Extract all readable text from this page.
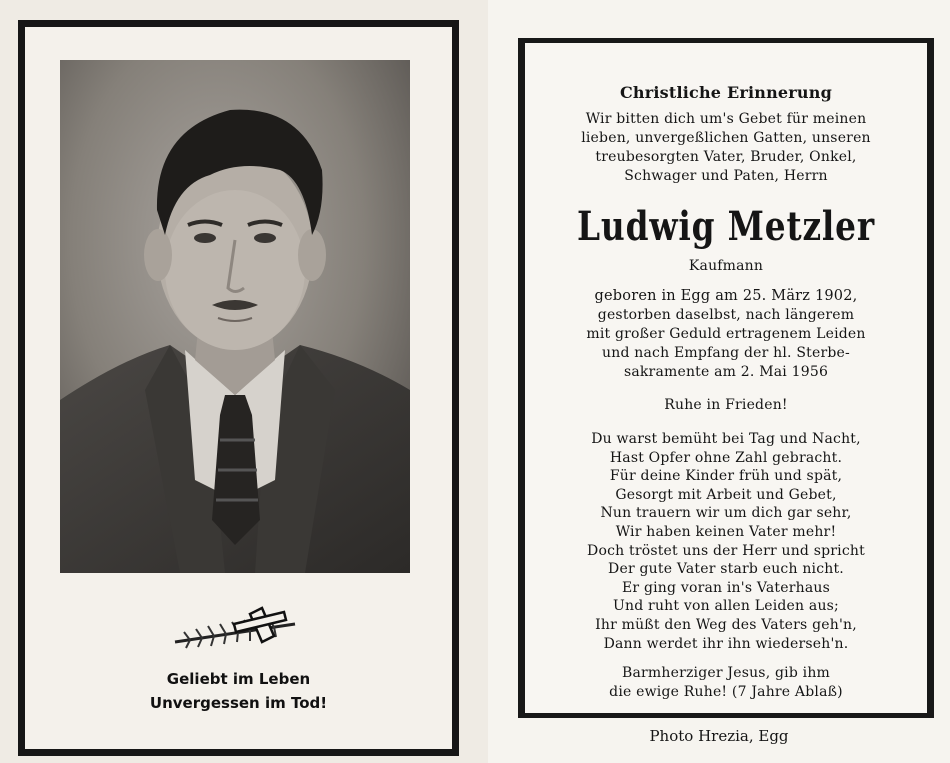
Geliebt im Leben
Unvergessen im Tod!
Christliche Erinnerung
Wir bitten dich um's Gebet für meinen
lieben, unvergeßlichen Gatten, unseren
treubesorgten Vater, Bruder, Onkel,
Schwager und Paten, Herrn
Ludwig Metzler
Kaufmann
geboren in Egg am 25. März 1902,
gestorben daselbst, nach längerem
mit großer Geduld ertragenem Leiden
und nach Empfang der hl. Sterbe-
sakramente am 2. Mai 1956
Ruhe in Frieden!
Du warst bemüht bei Tag und Nacht,
Hast Opfer ohne Zahl gebracht.
Für deine Kinder früh und spät,
Gesorgt mit Arbeit und Gebet,
Nun trauern wir um dich gar sehr,
Wir haben keinen Vater mehr!
Doch tröstet uns der Herr und spricht
Der gute Vater starb euch nicht.
Er ging voran in's Vaterhaus
Und ruht von allen Leiden aus;
Ihr müßt den Weg des Vaters geh'n,
Dann werdet ihr ihn wiederseh'n.
Barmherziger Jesus, gib ihm
die ewige Ruhe! (7 Jahre Ablaß)
Photo Hrezia, Egg
